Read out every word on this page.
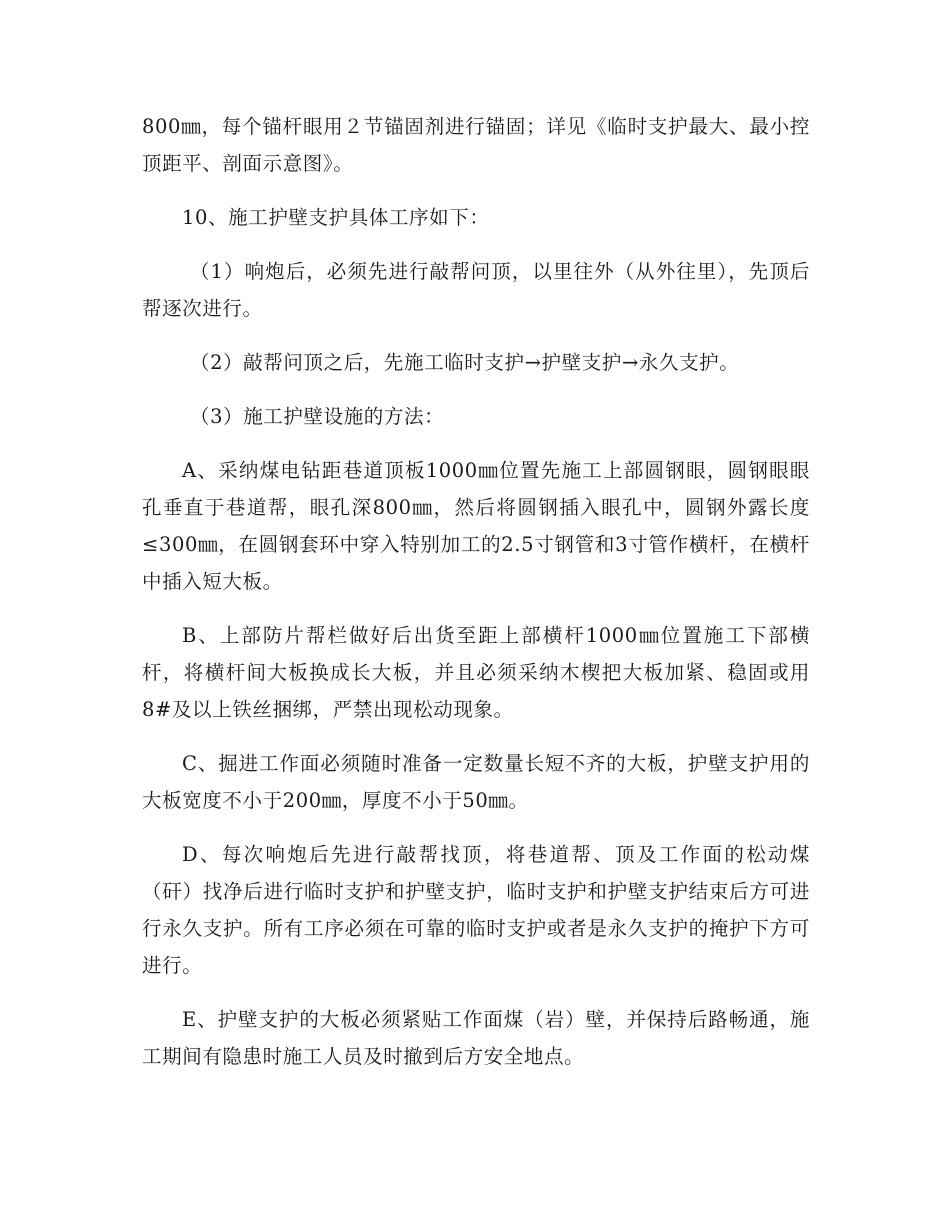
800㎜，每个锚杆眼用２节锚固剂进行锚固；详见《临时支护最大、最小控顶距平、剖面示意图》。

10、施工护壁支护具体工序如下：

（1）响炮后，必须先进行敲帮问顶，以里往外（从外往里），先顶后帮逐次进行。

（2）敲帮问顶之后，先施工临时支护→护壁支护→永久支护。

（3）施工护壁设施的方法：

A、采纳煤电钻距巷道顶板1000㎜位置先施工上部圆钢眼，圆钢眼眼孔垂直于巷道帮，眼孔深800㎜，然后将圆钢插入眼孔中，圆钢外露长度≤300㎜，在圆钢套环中穿入特别加工的2.5寸钢管和3寸管作横杆，在横杆中插入短大板。

B、上部防片帮栏做好后出货至距上部横杆1000㎜位置施工下部横杆，将横杆间大板换成长大板，并且必须采纳木楔把大板加紧、稳固或用8#及以上铁丝捆绑，严禁出现松动现象。

C、掘进工作面必须随时准备一定数量长短不齐的大板，护壁支护用的大板宽度不小于200㎜，厚度不小于50㎜。

D、每次响炮后先进行敲帮找顶，将巷道帮、顶及工作面的松动煤（矸）找净后进行临时支护和护壁支护，临时支护和护壁支护结束后方可进行永久支护。所有工序必须在可靠的临时支护或者是永久支护的掩护下方可进行。

E、护壁支护的大板必须紧贴工作面煤（岩）壁，并保持后路畅通，施工期间有隐患时施工人员及时撤到后方安全地点。
